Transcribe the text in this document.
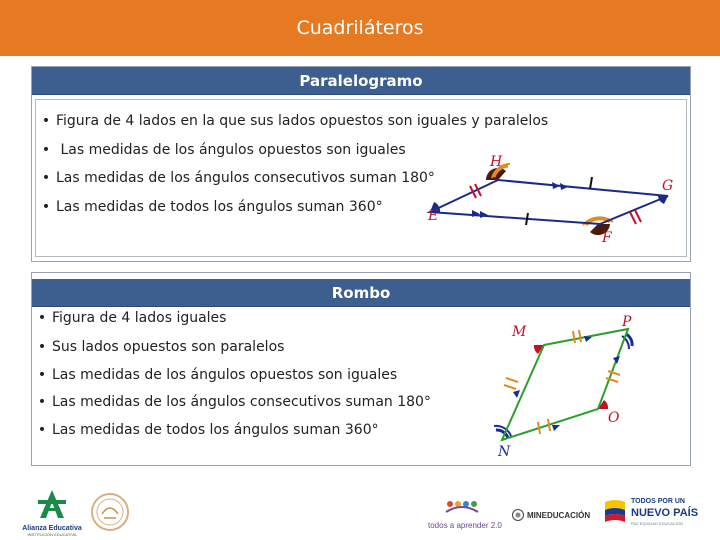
Cuadriláteros
Paralelogramo
• Figura de 4 lados en la que sus lados opuestos son iguales y paralelos
• Las medidas de los ángulos opuestos son iguales
• Las medidas de los ángulos consecutivos suman 180°
• Las medidas de todos los ángulos suman 360°
H
G
E
F
Rombo
• Figura de 4 lados iguales
• Sus lados opuestos son paralelos
• Las medidas de los ángulos opuestos son iguales
• Las medidas de los ángulos consecutivos suman 180°
• Las medidas de todos los ángulos suman 360°
M
P
N
O
Alianza Educativa
INSTITUCIÓN EDUCATIVA
todos a aprender 2.0
MINEDUCACIÓN
TODOS POR UN
NUEVO PAÍS
PAZ EQUIDAD EDUCACIÓN
